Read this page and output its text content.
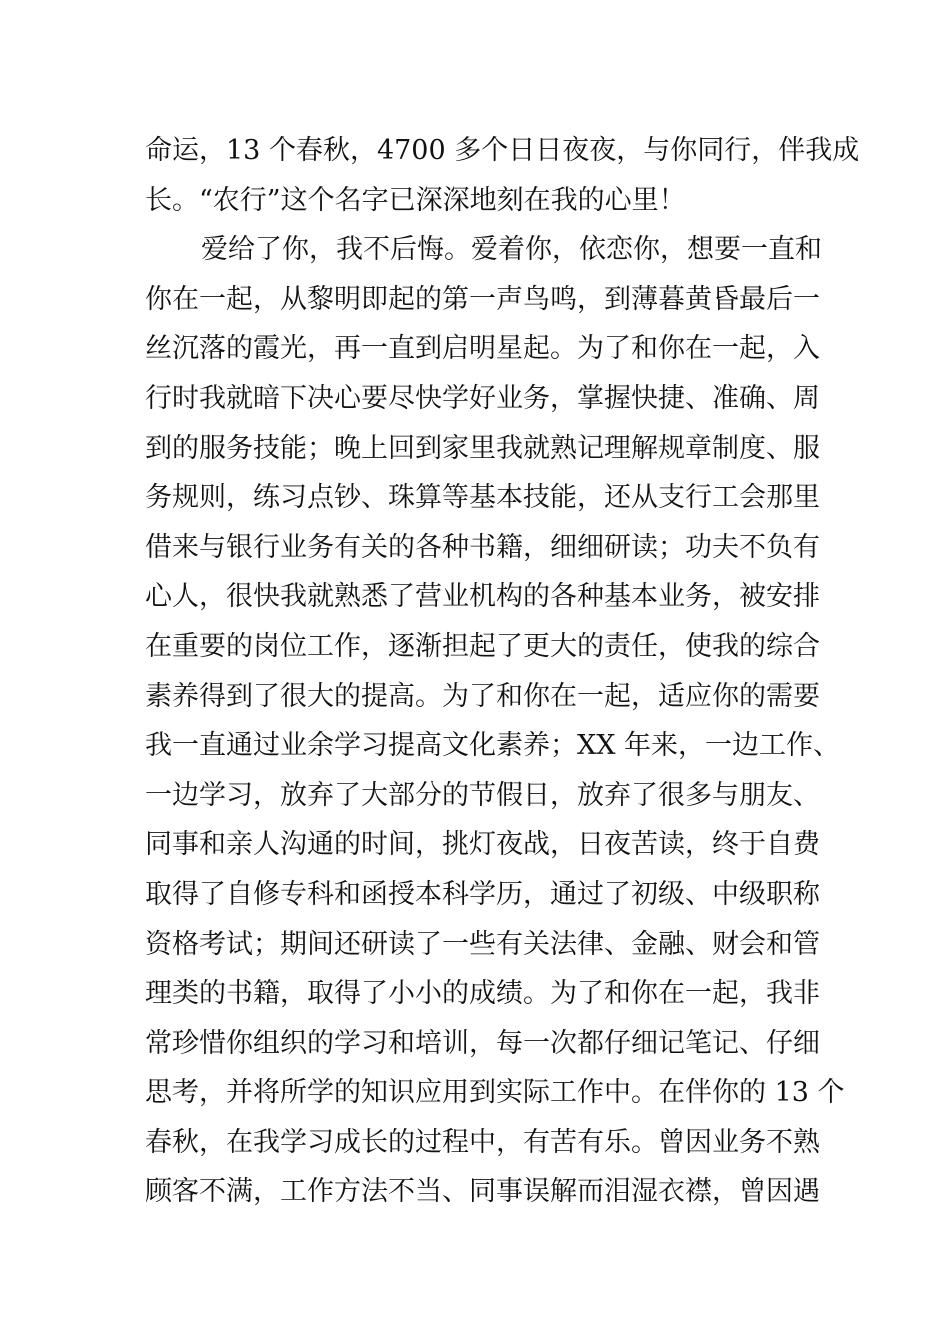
命运，13 个春秋，4700 多个日日夜夜，与你同行，伴我成
长。“农行”这个名字已深深地刻在我的心里！
爱给了你，我不后悔。爱着你，依恋你，想要一直和
你在一起，从黎明即起的第一声鸟鸣，到薄暮黄昏最后一
丝沉落的霞光，再一直到启明星起。为了和你在一起，入
行时我就暗下决心要尽快学好业务，掌握快捷、准确、周
到的服务技能；晚上回到家里我就熟记理解规章制度、服
务规则，练习点钞、珠算等基本技能，还从支行工会那里
借来与银行业务有关的各种书籍，细细研读；功夫不负有
心人，很快我就熟悉了营业机构的各种基本业务，被安排
在重要的岗位工作，逐渐担起了更大的责任，使我的综合
素养得到了很大的提高。为了和你在一起，适应你的需要
我一直通过业余学习提高文化素养；XX 年来，一边工作、
一边学习，放弃了大部分的节假日，放弃了很多与朋友、
同事和亲人沟通的时间，挑灯夜战，日夜苦读，终于自费
取得了自修专科和函授本科学历，通过了初级、中级职称
资格考试；期间还研读了一些有关法律、金融、财会和管
理类的书籍，取得了小小的成绩。为了和你在一起，我非
常珍惜你组织的学习和培训，每一次都仔细记笔记、仔细
思考，并将所学的知识应用到实际工作中。在伴你的 13 个
春秋，在我学习成长的过程中，有苦有乐。曾因业务不熟
顾客不满，工作方法不当、同事误解而泪湿衣襟，曾因遇
